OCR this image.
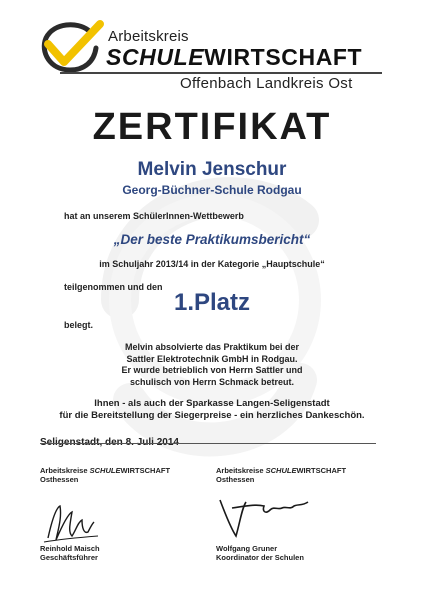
Arbeitskreis
SCHULEWIRTSCHAFT
Offenbach Landkreis Ost
ZERTIFIKAT
Melvin Jenschur
Georg-Büchner-Schule Rodgau
hat an unserem SchülerInnen-Wettbewerb
„Der beste Praktikumsbericht“
im Schuljahr 2013/14 in der Kategorie „Hauptschule“
teilgenommen und den
1.Platz
belegt.
Melvin absolvierte das Praktikum bei der
Sattler Elektrotechnik GmbH in Rodgau.
Er wurde betrieblich von Herrn Sattler und
schulisch von Herrn Schmack betreut.
Ihnen - als auch der Sparkasse Langen-Seligenstadt
für die Bereitstellung der Siegerpreise - ein herzliches Dankeschön.
Arbeitskreise SCHULEWIRTSCHAFT
Osthessen
Reinhold Maisch
Geschäftsführer
Arbeitskreise SCHULEWIRTSCHAFT
Osthessen
Wolfgang Gruner
Koordinator der Schulen
